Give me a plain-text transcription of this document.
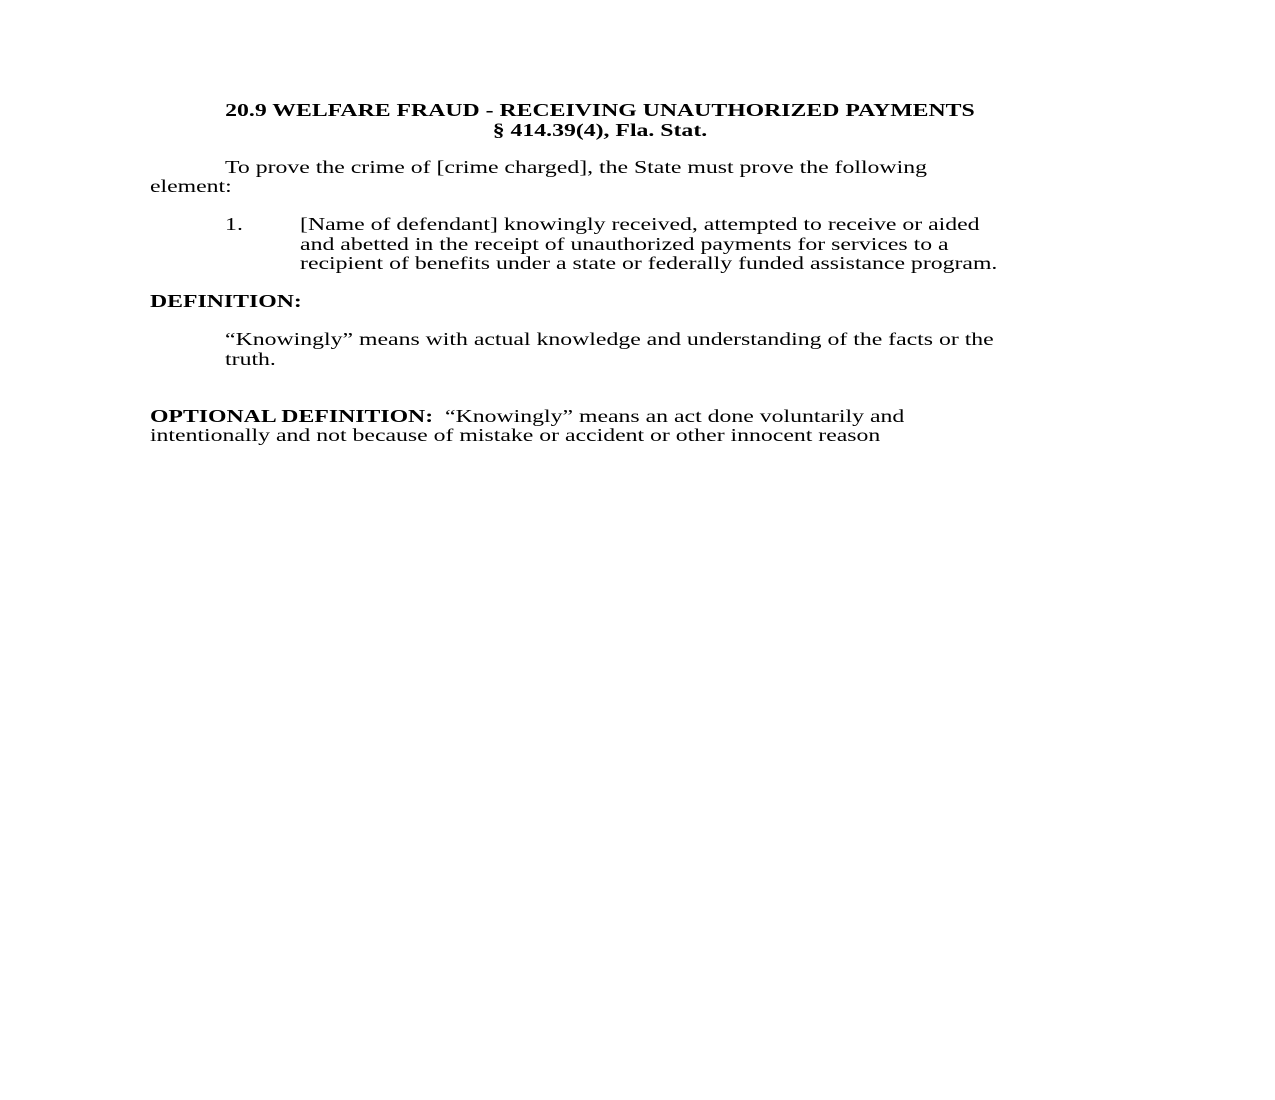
20.9 WELFARE FRAUD - RECEIVING UNAUTHORIZED PAYMENTS
§ 414.39(4), Fla. Stat.
To prove the crime of [crime charged], the State must prove the following
element:
1.	[Name of defendant] knowingly received, attempted to receive or aided
and abetted in the receipt of unauthorized payments for services to a
recipient of benefits under a state or federally funded assistance program.
DEFINITION:
“Knowingly” means with actual knowledge and understanding of the facts or the
truth.
OPTIONAL DEFINITION: “Knowingly” means an act done voluntarily and
intentionally and not because of mistake or accident or other innocent reason
